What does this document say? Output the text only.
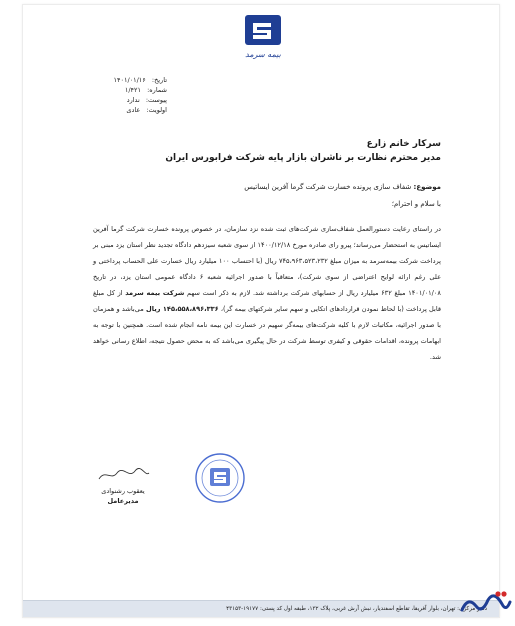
بیمه سرمد
تاریخ: ۱۴۰۱/۰۱/۱۶
شماره: ۱/۴۲۱
پیوست: ندارد
اولویت: عادی
سرکار خانم زارع
مدیر محترم نظارت بر ناشران بازار پایه شرکت فرابورس ایران
موضوع: شفاف سازی پرونده خسارت شرکت گرما آفرین ایساتیس
با سلام و احترام؛

در راستای رعایت دستورالعمل شفاف‌سازی شرکت‌های ثبت شده نزد سازمان، در خصوص پرونده خسارت شرکت گرما آفرین ایساتیس به استحضار می‌رساند؛ پیرو رای صادره مورخ ۱۴۰۰/۱۲/۱۸ از سوی شعبه سیزدهم دادگاه تجدید نظر استان یزد مبنی بر پرداخت شرکت بیمه‌سرمد به میزان مبلغ ۷۴۵،۹۶۳،۵۲۳،۲۳۲ ریال (با احتساب ۱۰۰ میلیارد ریال خسارت علی الحساب پرداختی و علی رغم ارائه لوایح اعتراضی از سوی شرکت)، متعاقباً با صدور اجرائیه شعبه ۶ دادگاه عمومی استان یزد، در تاریخ ۱۴۰۱/۰۱/۰۸ مبلغ ۶۳۲ میلیارد ریال از حسابهای شرکت برداشته شد. لازم به ذکر است سهم شرکت بیمه سرمد از کل مبلغ قابل پرداخت (با لحاظ نمودن قراردادهای اتکایی و سهم سایر شرکتهای بیمه گر)، ۱۴۵،۵۵۸،۸۹۶،۳۳۶ ریال می‌باشد و همزمان با صدور اجرائیه، مکاتبات لازم با کلیه شرکت‌های بیمه‌گر سهیم در خسارت این بیمه نامه انجام شده است. همچنین با توجه به ابهامات پرونده، اقدامات حقوقی و کیفری توسط شرکت در حال پیگیری می‌باشد که به محض حصول نتیجه، اطلاع رسانی خواهد شد.

یعقوب رشنوادی
مدیرعامل
دفتر مرکزی: تهران، بلوار آفریقا، تقاطع اسفندیار، نبش آرش غربی، پلاک ۱۳۲، طبقه اول کد پستی: ۱۹۱۷۷-۴۳۱۵۳
